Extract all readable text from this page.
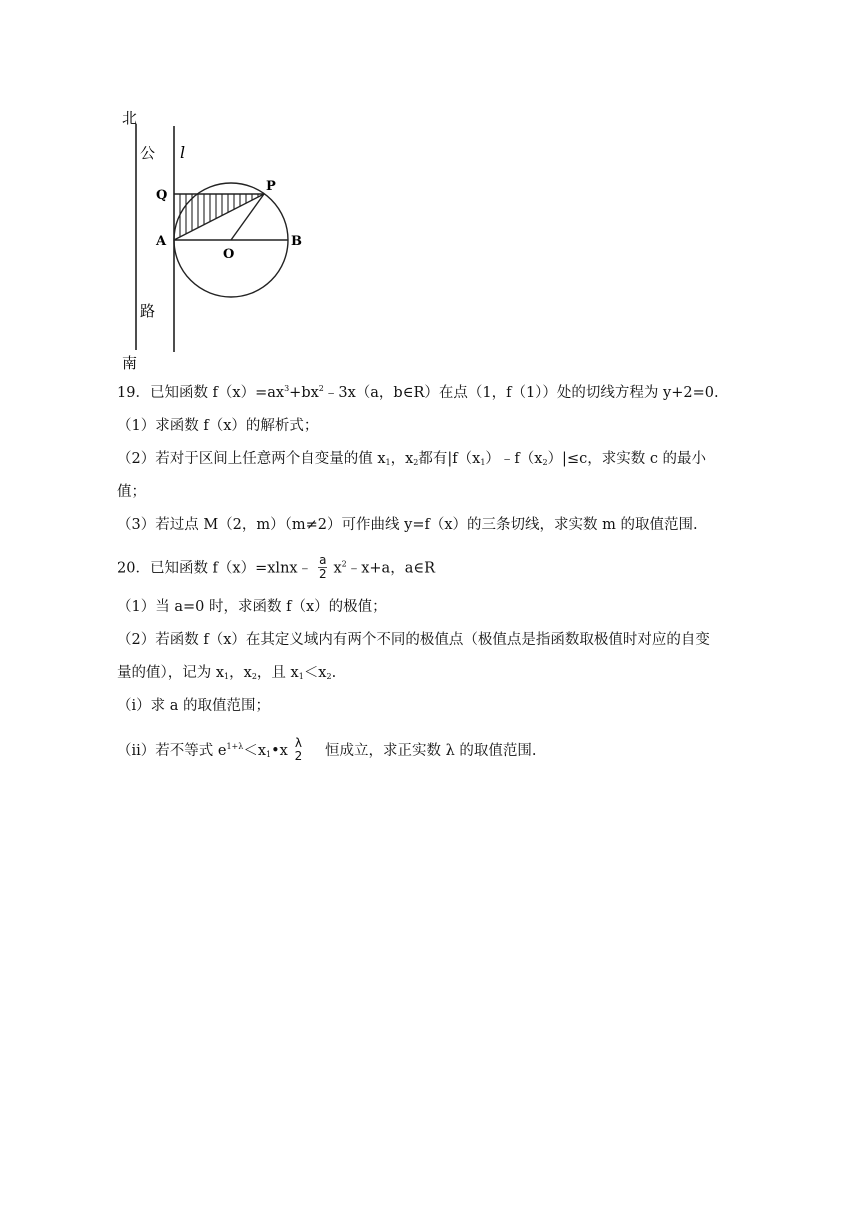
北
公 l
Q
P
A
O
B
路
南
19．已知函数 $f(x)=ax^3+bx^2﹣3x(a$，b∈R）在点（1，f（1））处的切线方程为 y+2=0.
（1）求函数 f（x）的解析式；
（2）若对于区间上任意两个自变量的值 $x_1$，$x_2$都有$|f(x_1)﹣f(x_2)|\le c$，求实数 c 的最小
值；
（3）若过点 M（2，m）（m≠2）可作曲线 y=f（x）的三条切线，求实数 m 的取值范围.
20．已知函数 f（x）=xlnx﹣ $\frac{a}{2}$ $x^2﹣x+a$，a∈R
（1）当 a=0 时，求函数 f（x）的极值；
（2）若函数 f（x）在其定义域内有两个不同的极值点（极值点是指函数取极值时对应的自变
量的值），记为 $x_1$，$x_2$，且 $x_1<x_2$.
（ⅰ）求 a 的取值范围；
（ⅱ）若不等式 $e^{1+\lambda}<x_1•x$ λ
2 恒成立，求正实数 λ 的取值范围.
